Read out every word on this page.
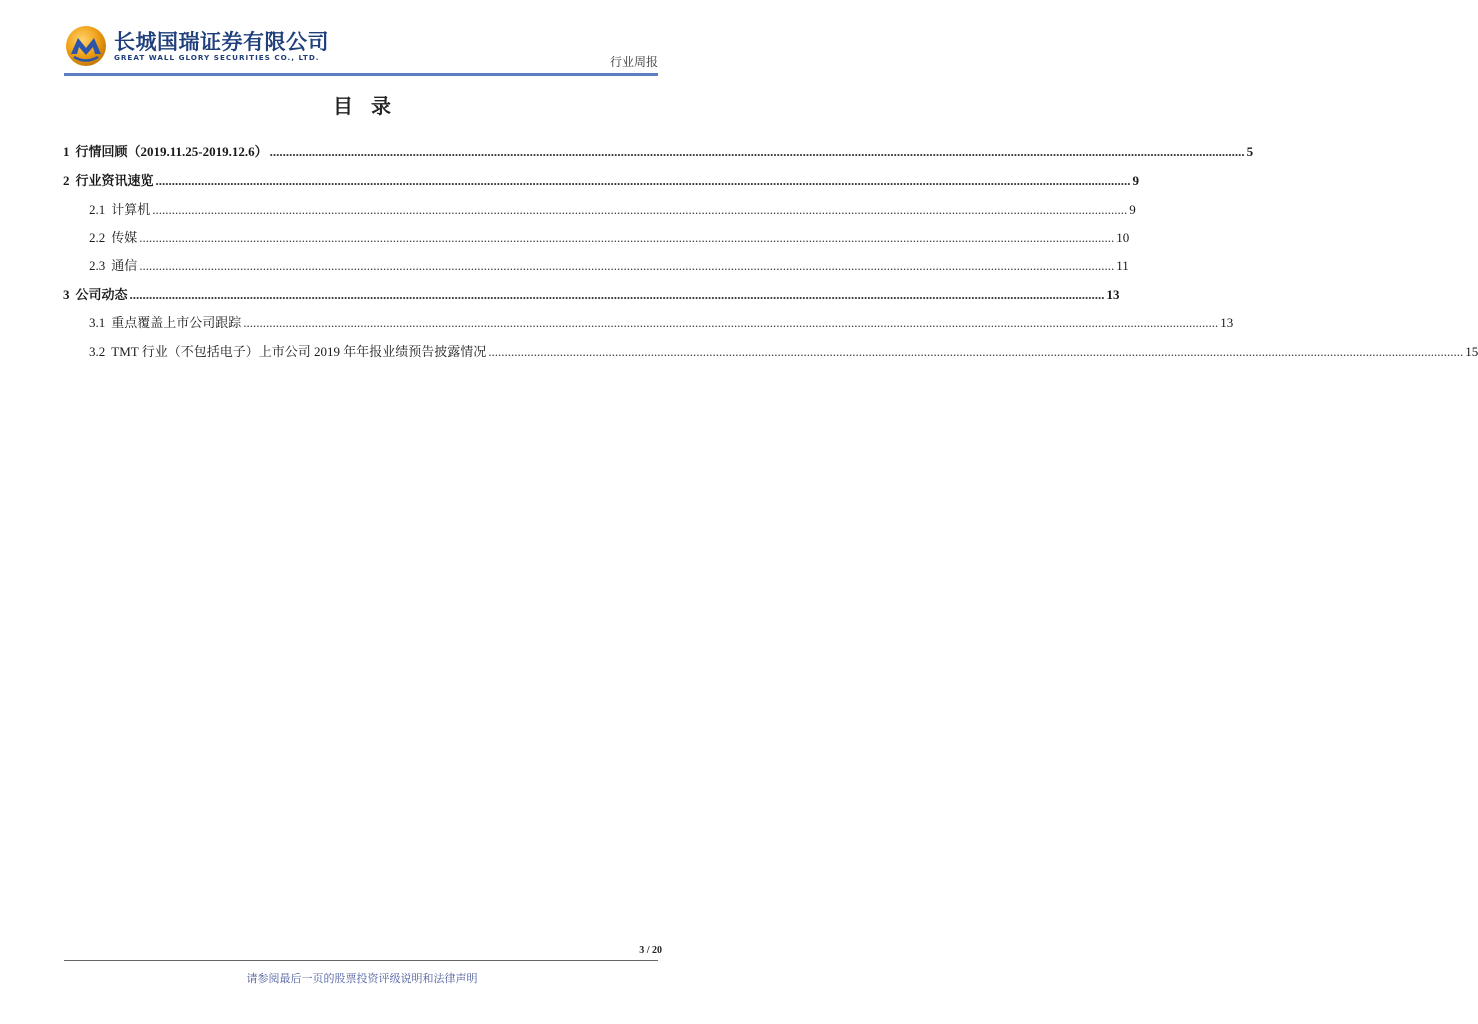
长城国瑞证券有限公司
GREAT WALL GLORY SECURITIES CO., LTD.	行业周报
目录
1 行情回顾（2019.11.25-2019.12.6） ............................................................................................................................................................................................................................................................................................................ 5
2 行业资讯速览 ............................................................................................................................................................................................................................................................................................................ 9
2.1 计算机 ............................................................................................................................................................................................................................................................................................................ 9
2.2 传媒 ............................................................................................................................................................................................................................................................................................................ 10
2.3 通信 ............................................................................................................................................................................................................................................................................................................ 11
3 公司动态 ............................................................................................................................................................................................................................................................................................................ 13
3.1 重点覆盖上市公司跟踪 ............................................................................................................................................................................................................................................................................................................ 13
3.2 TMT 行业（不包括电子）上市公司 2019 年年报业绩预告披露情况 ............................................................................................................................................................................................................................................................................................................ 15
3 / 20
请参阅最后一页的股票投资评级说明和法律声明
